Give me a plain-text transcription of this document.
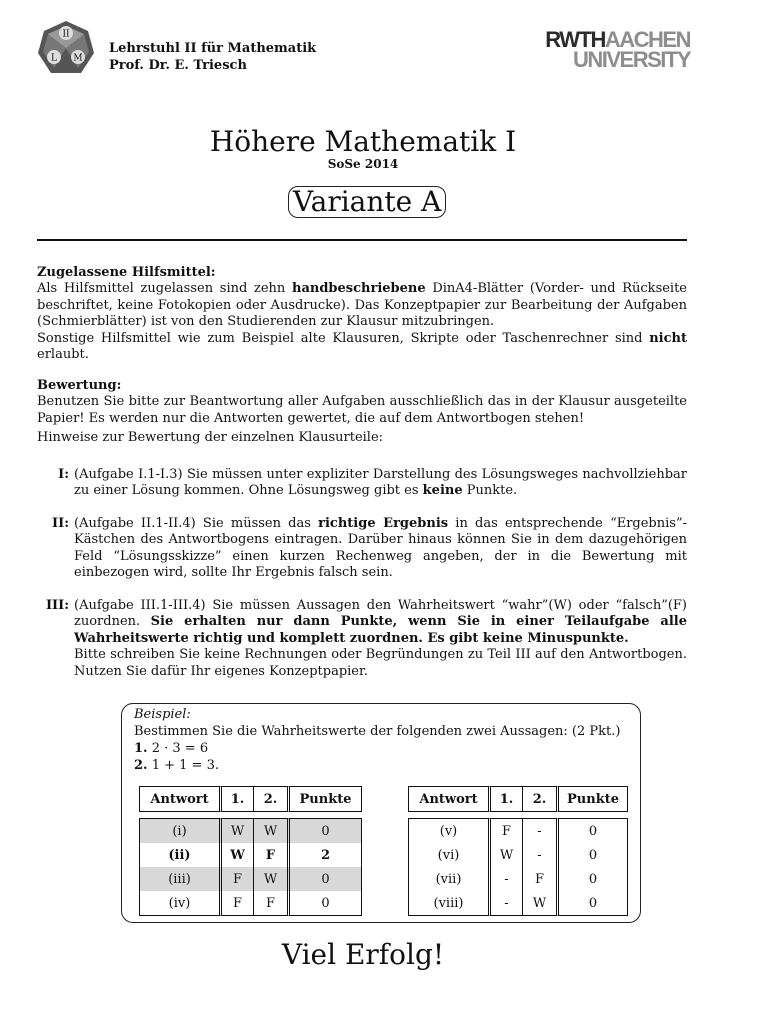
II
L M
Lehrstuhl II für Mathematik
Prof. Dr. E. Triesch
RWTHAACHEN
UNIVERSITY
Höhere Mathematik I
SoSe 2014
Variante A
Zugelassene Hilfsmittel:
Als Hilfsmittel zugelassen sind zehn handbeschriebene DinA4-Blätter (Vorder- und Rückseite beschriftet, keine Fotokopien oder Ausdrucke). Das Konzeptpapier zur Bearbeitung der Aufgaben (Schmierblätter) ist von den Studierenden zur Klausur mitzubringen.
Sonstige Hilfsmittel wie zum Beispiel alte Klausuren, Skripte oder Taschenrechner sind nicht erlaubt.
Bewertung:
Benutzen Sie bitte zur Beantwortung aller Aufgaben ausschließlich das in der Klausur ausgeteilte Papier! Es werden nur die Antworten gewertet, die auf dem Antwortbogen stehen!
Hinweise zur Bewertung der einzelnen Klausurteile:
I: (Aufgabe I.1-I.3) Sie müssen unter expliziter Darstellung des Lösungsweges nachvollziehbar zu einer Lösung kommen. Ohne Lösungsweg gibt es keine Punkte.
II: (Aufgabe II.1-II.4) Sie müssen das richtige Ergebnis in das entsprechende “Ergebnis”-Kästchen des Antwortbogens eintragen. Darüber hinaus können Sie in dem dazugehörigen Feld “Lösungsskizze” einen kurzen Rechenweg angeben, der in die Bewertung mit einbezogen wird, sollte Ihr Ergebnis falsch sein.
III: (Aufgabe III.1-III.4) Sie müssen Aussagen den Wahrheitswert “wahr”(W) oder “falsch”(F) zuordnen. Sie erhalten nur dann Punkte, wenn Sie in einer Teilaufgabe alle Wahrheitswerte richtig und komplett zuordnen. Es gibt keine Minuspunkte.
Bitte schreiben Sie keine Rechnungen oder Begründungen zu Teil III auf den Antwortbogen. Nutzen Sie dafür Ihr eigenes Konzeptpapier.
Beispiel:
Bestimmen Sie die Wahrheitswerte der folgenden zwei Aussagen: (2 Pkt.)
1. 2 · 3 = 6
2. 1 + 1 = 3.
Antwort	1.	2.	Punkte

(i)	W	W	0
(ii)	W	F	2
(iii)	F	W	0
(iv)	F	F	0
Antwort	1.	2.	Punkte

(v)	F	-	0
(vi)	W	-	0
(vii)	-	F	0
(viii)	-	W	0
Viel Erfolg!
